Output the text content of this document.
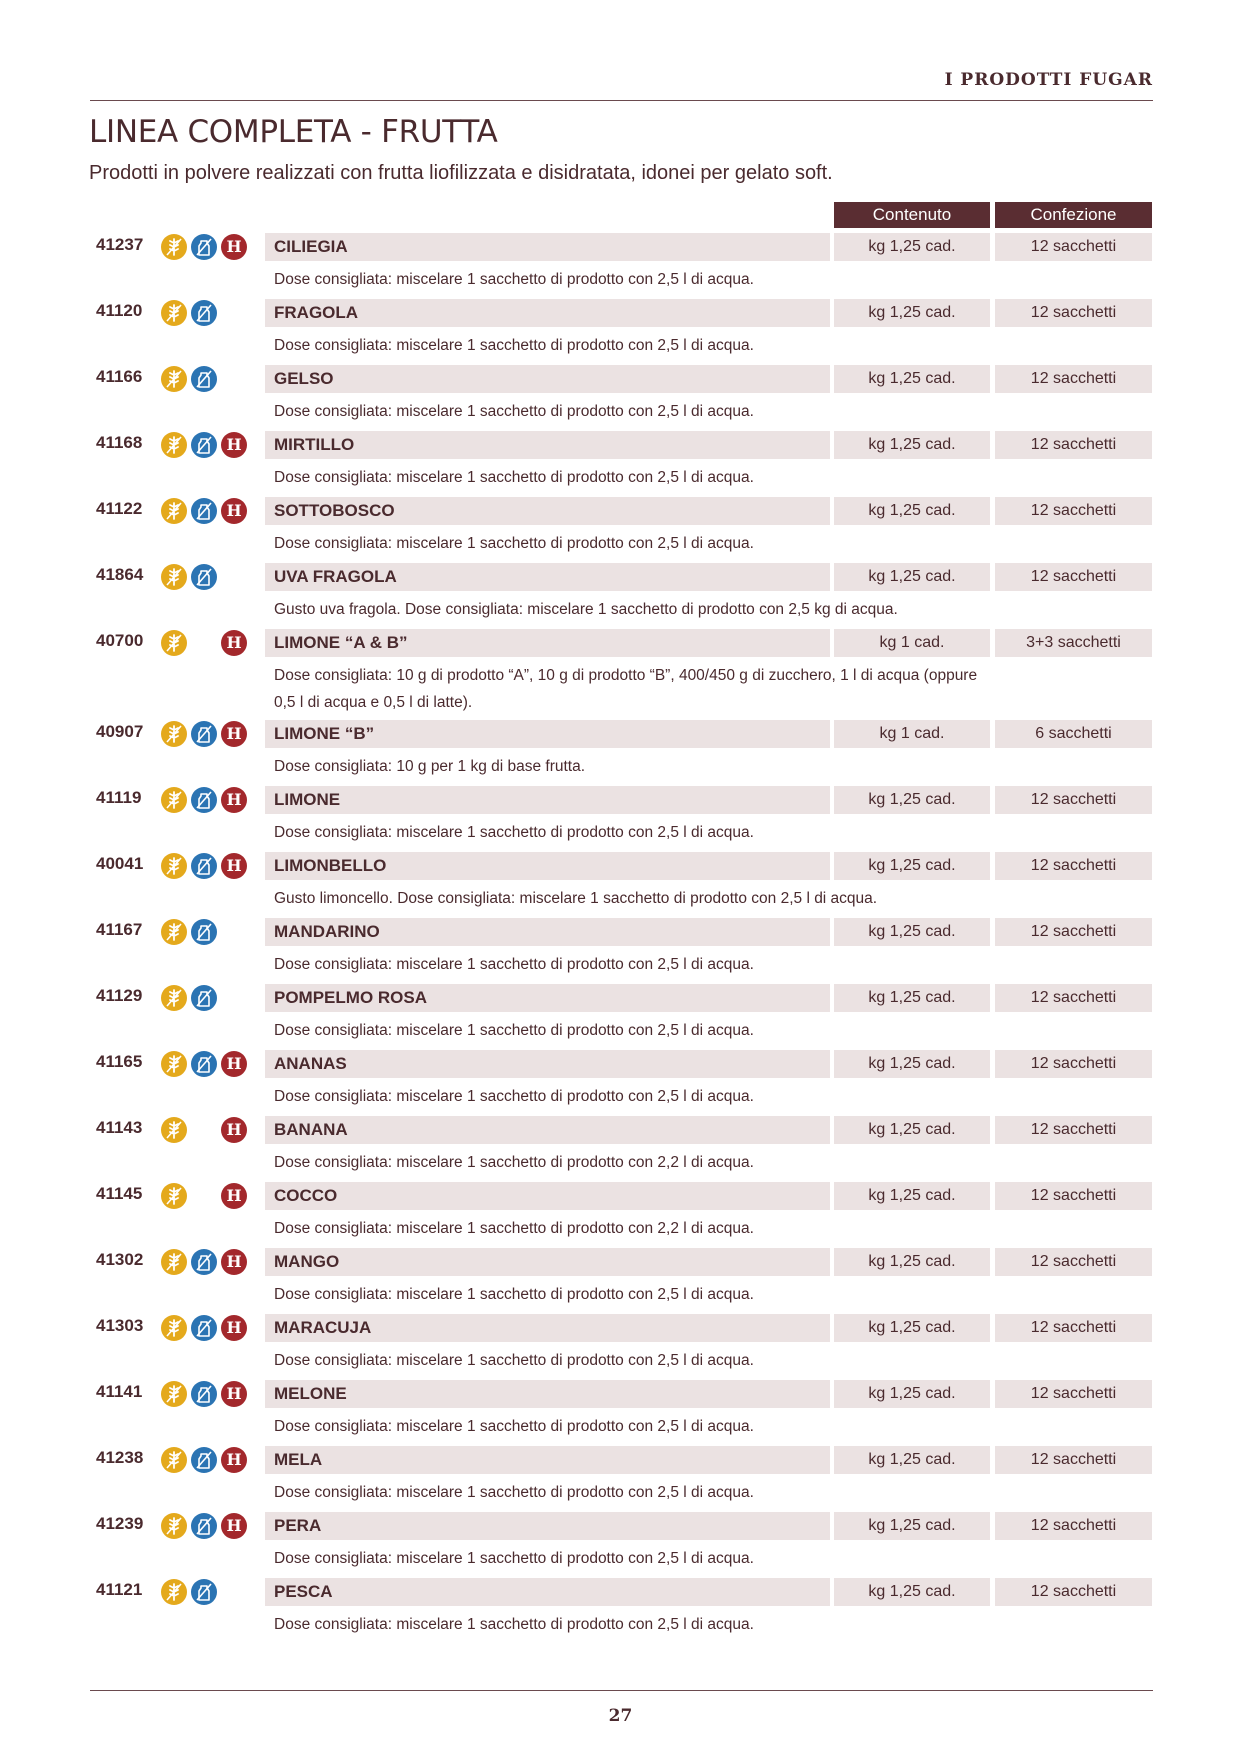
I PRODOTTI FUGAR
LINEA COMPLETA - FRUTTA

Prodotti in polvere realizzati con frutta liofilizzata e disidratata, idonei per gelato soft.

Contenuto	Confezione
41237	H	CILIEGIA	kg 1,25 cad.	12 sacchetti
Dose consigliata: miscelare 1 sacchetto di prodotto con 2,5 l di acqua.
41120	FRAGOLA	kg 1,25 cad.	12 sacchetti
Dose consigliata: miscelare 1 sacchetto di prodotto con 2,5 l di acqua.
41166	GELSO	kg 1,25 cad.	12 sacchetti
Dose consigliata: miscelare 1 sacchetto di prodotto con 2,5 l di acqua.
41168	H	MIRTILLO	kg 1,25 cad.	12 sacchetti
Dose consigliata: miscelare 1 sacchetto di prodotto con 2,5 l di acqua.
41122	H	SOTTOBOSCO	kg 1,25 cad.	12 sacchetti
Dose consigliata: miscelare 1 sacchetto di prodotto con 2,5 l di acqua.
41864	UVA FRAGOLA	kg 1,25 cad.	12 sacchetti
Gusto uva fragola. Dose consigliata: miscelare 1 sacchetto di prodotto con 2,5 kg di acqua.
40700	H	LIMONE “A & B”	kg 1 cad.	3+3 sacchetti
Dose consigliata: 10 g di prodotto “A”, 10 g di prodotto “B”, 400/450 g di zucchero, 1 l di acqua (oppure 0,5 l di acqua e 0,5 l di latte).
40907	H	LIMONE “B”	kg 1 cad.	6 sacchetti
Dose consigliata: 10 g per 1 kg di base frutta.
41119	H	LIMONE	kg 1,25 cad.	12 sacchetti
Dose consigliata: miscelare 1 sacchetto di prodotto con 2,5 l di acqua.
40041	H	LIMONBELLO	kg 1,25 cad.	12 sacchetti
Gusto limoncello. Dose consigliata: miscelare 1 sacchetto di prodotto con 2,5 l di acqua.
41167	MANDARINO	kg 1,25 cad.	12 sacchetti
Dose consigliata: miscelare 1 sacchetto di prodotto con 2,5 l di acqua.
41129	POMPELMO ROSA	kg 1,25 cad.	12 sacchetti
Dose consigliata: miscelare 1 sacchetto di prodotto con 2,5 l di acqua.
41165	H	ANANAS	kg 1,25 cad.	12 sacchetti
Dose consigliata: miscelare 1 sacchetto di prodotto con 2,5 l di acqua.
41143	H	BANANA	kg 1,25 cad.	12 sacchetti
Dose consigliata: miscelare 1 sacchetto di prodotto con 2,2 l di acqua.
41145	H	COCCO	kg 1,25 cad.	12 sacchetti
Dose consigliata: miscelare 1 sacchetto di prodotto con 2,2 l di acqua.
41302	H	MANGO	kg 1,25 cad.	12 sacchetti
Dose consigliata: miscelare 1 sacchetto di prodotto con 2,5 l di acqua.
41303	H	MARACUJA	kg 1,25 cad.	12 sacchetti
Dose consigliata: miscelare 1 sacchetto di prodotto con 2,5 l di acqua.
41141	H	MELONE	kg 1,25 cad.	12 sacchetti
Dose consigliata: miscelare 1 sacchetto di prodotto con 2,5 l di acqua.
41238	H	MELA	kg 1,25 cad.	12 sacchetti
Dose consigliata: miscelare 1 sacchetto di prodotto con 2,5 l di acqua.
41239	H	PERA	kg 1,25 cad.	12 sacchetti
Dose consigliata: miscelare 1 sacchetto di prodotto con 2,5 l di acqua.
41121	PESCA	kg 1,25 cad.	12 sacchetti
Dose consigliata: miscelare 1 sacchetto di prodotto con 2,5 l di acqua.
27
